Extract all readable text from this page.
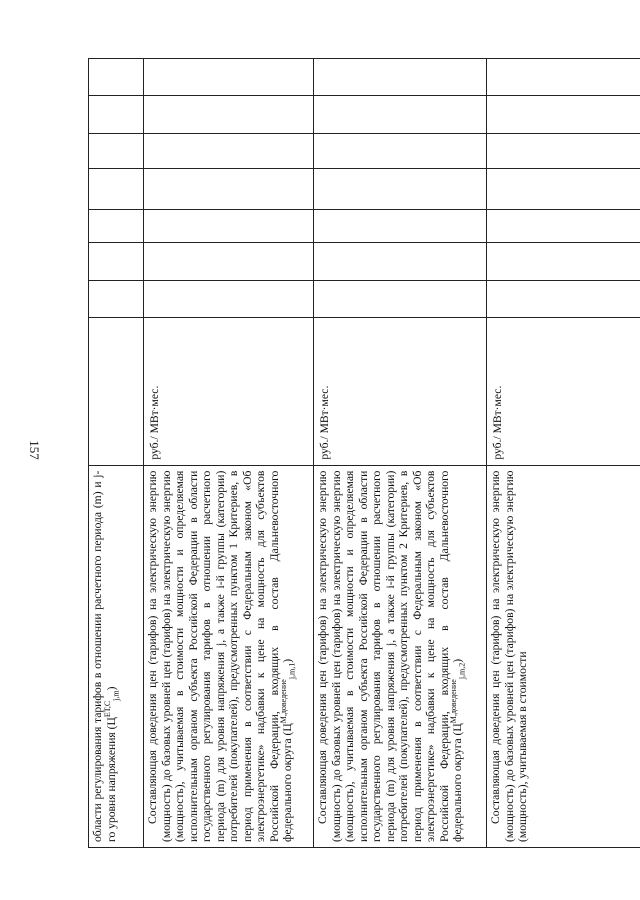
157

области регулирования тарифов в отношении расчетного периода (m) и j-го уровня напряжения $(Ц^{ЕТ,С}_{j,m})$								

Составляющая доведения цен (тарифов) на электрическую энергию (мощность) до базовых уровней цен (тарифов) на электрическую энергию (мощность), учитываемая в стоимости мощности и определяемая исполнительным органом субъекта Российской Федерации в области государственного регулирования тарифов в отношении расчетного периода (m) для уровня напряжения j, а также i-й группы (категории) потребителей (покупателей), предусмотренных пунктом 1 Критериев, в период применения в соответствии с Федеральным законом «Об электроэнергетике» надбавки к цене на мощность для субъектов Российской Федерации, входящих в состав Дальневосточного федерального округа $(Ц^{М,доведение}_{j,m,1})$	руб./ МВт·мес.							

Составляющая доведения цен (тарифов) на электрическую энергию (мощность) до базовых уровней цен (тарифов) на электрическую энергию (мощность), учитываемая в стоимости мощности и определяемая исполнительным органом субъекта Российской Федерации в области государственного регулирования тарифов в отношении расчетного периода (m) для уровня напряжения j, а также i-й группы (категории) потребителей (покупателей), предусмотренных пунктом 2 Критериев, в период применения в соответствии с Федеральным законом «Об электроэнергетике» надбавки к цене на мощность для субъектов Российской Федерации, входящих в состав Дальневосточного федерального округа $(Ц^{М,доведение}_{j,m,2})$	руб./ МВт·мес.							

Составляющая доведения цен (тарифов) на электрическую энергию (мощность) до базовых уровней цен (тарифов) на электрическую энергию (мощность), учитываемая в стоимости	руб./ МВт·мес.							
